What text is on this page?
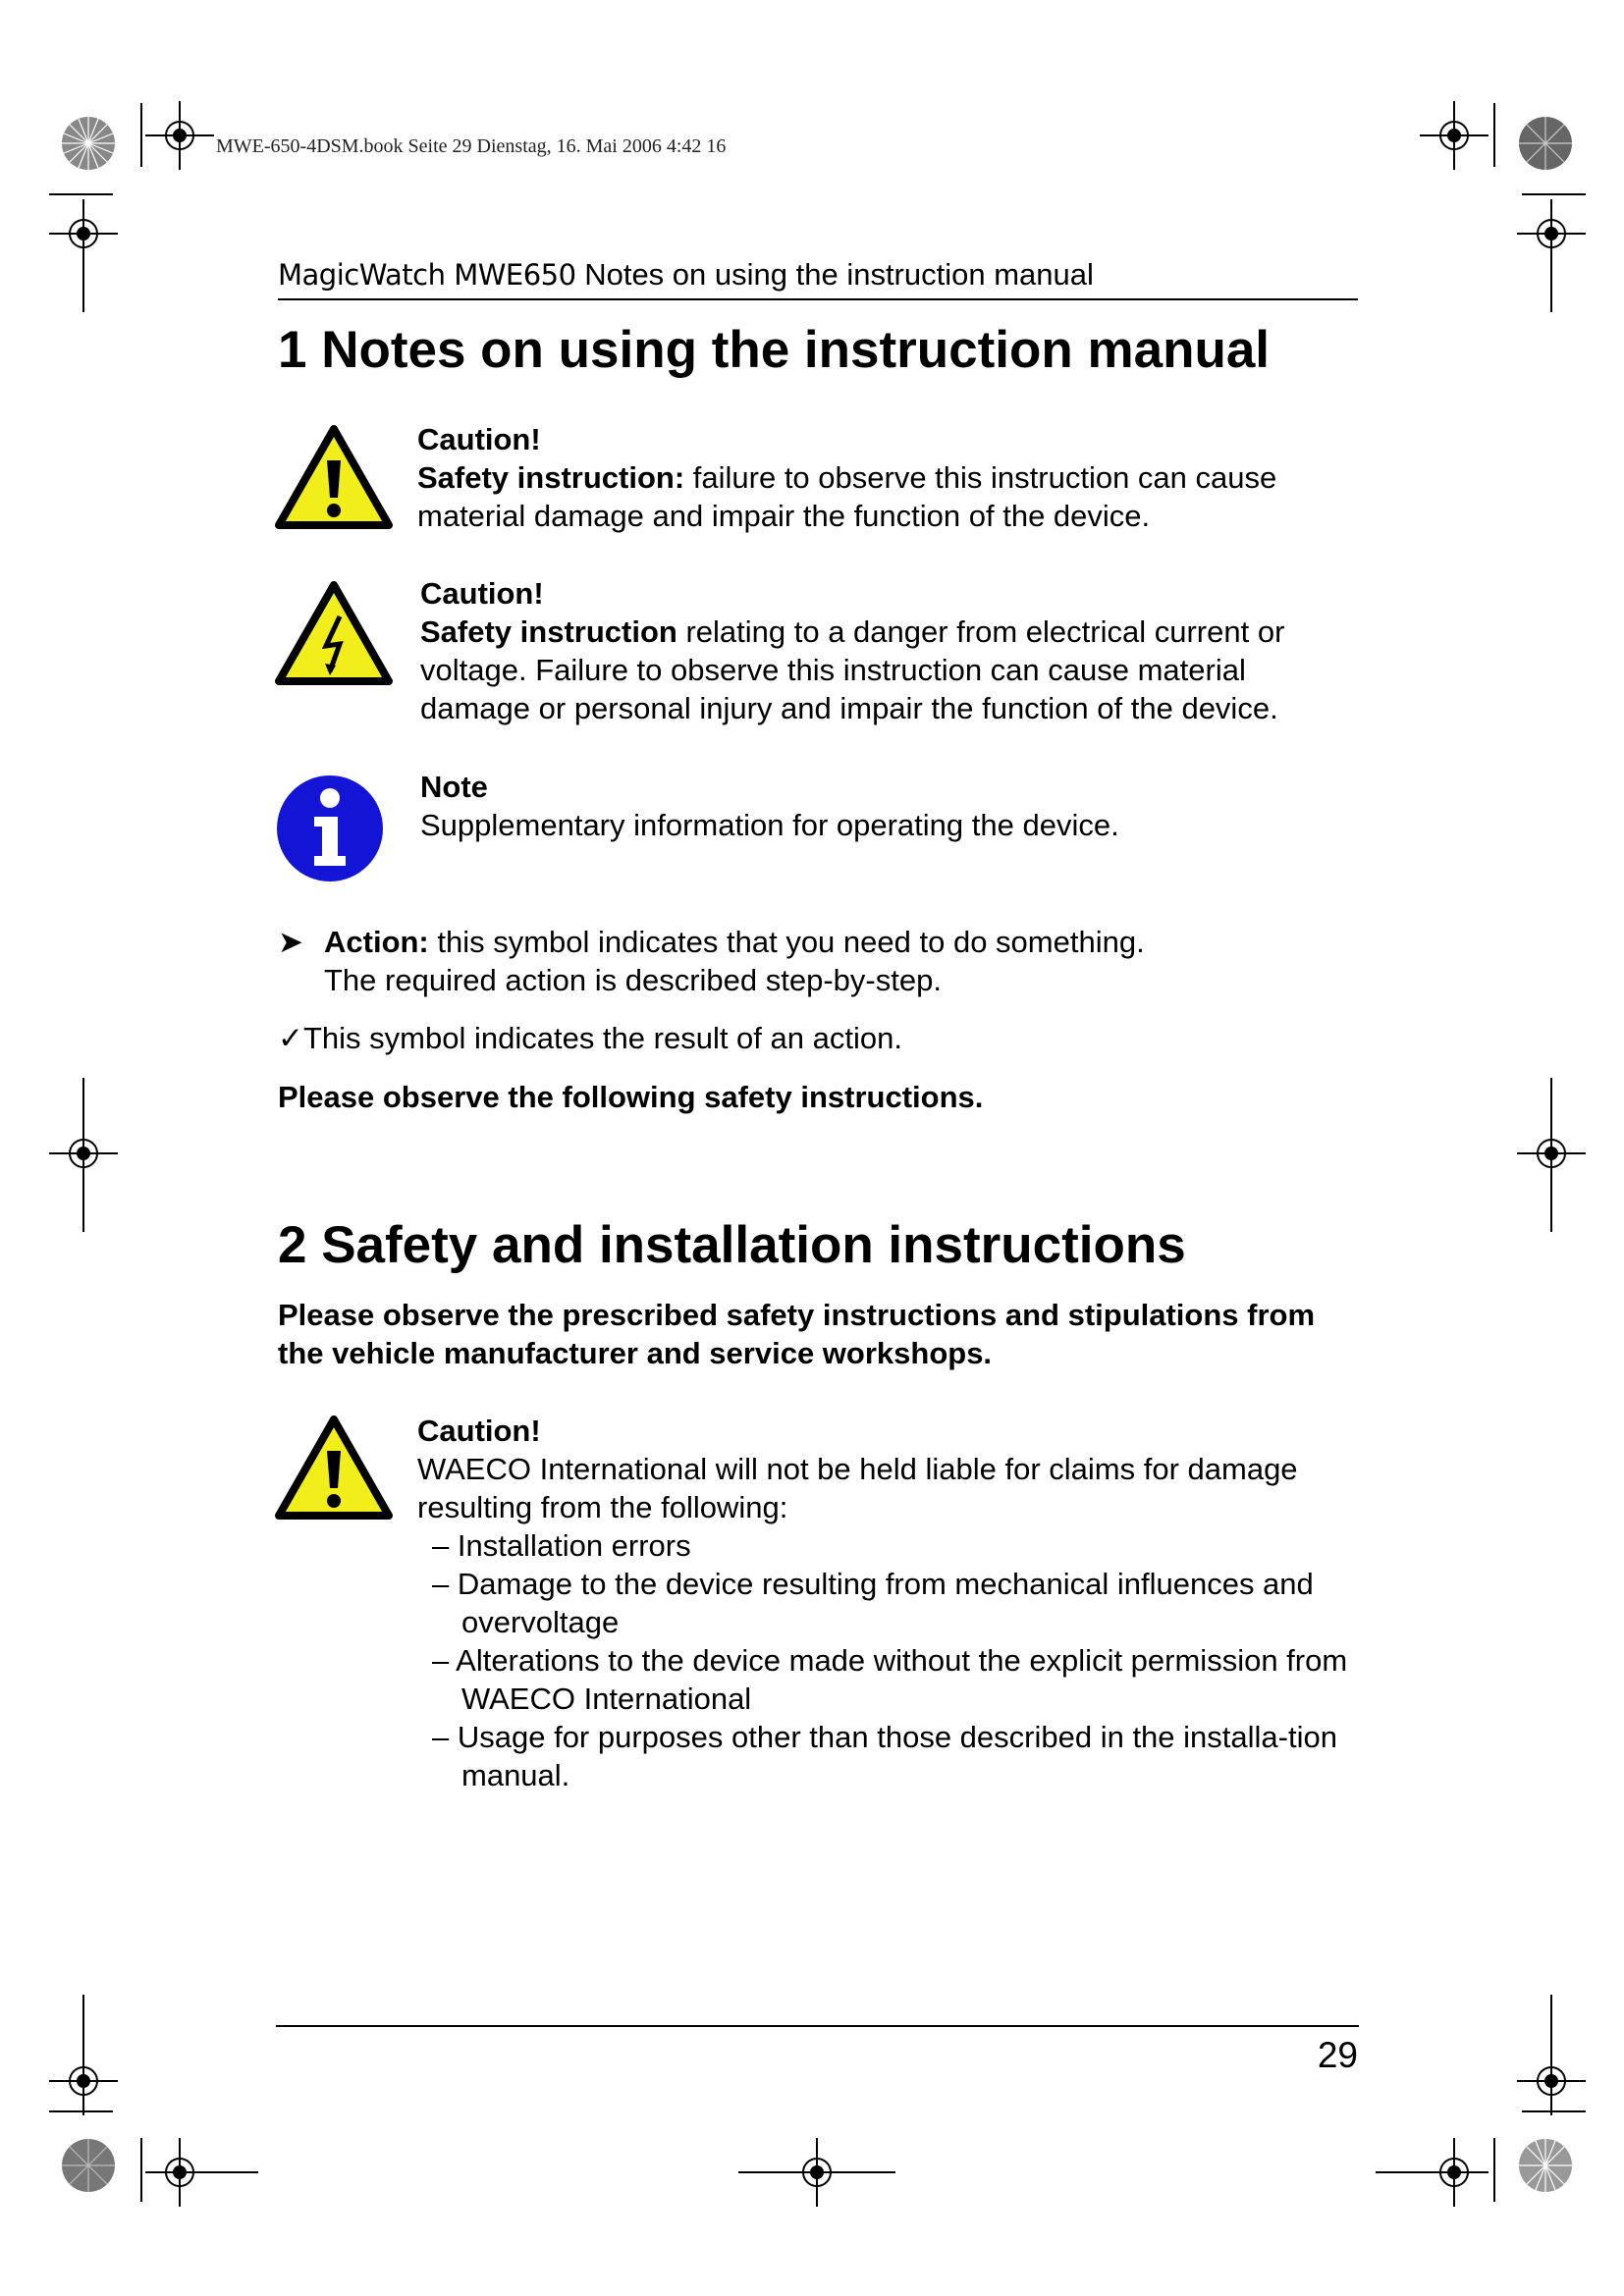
MWE-650-4DSM.book Seite 29 Dienstag, 16. Mai 2006 4:42 16
MagicWatch MWE650 Notes on using the instruction manual
1 Notes on using the instruction manual

Caution!

Safety instruction: failure to observe this instruction can cause material damage and impair the function of the device.

Caution!

Safety instruction relating to a danger from electrical current or voltage. Failure to observe this instruction can cause material damage or personal injury and impair the function of the device.

Note

Supplementary information for operating the device.

➤ Action: this symbol indicates that you need to do something.

The required action is described step-by-step.

✓This symbol indicates the result of an action.

Please observe the following safety instructions.
2 Safety and installation instructions
Please observe the prescribed safety instructions and stipulations from the vehicle manufacturer and service workshops.

Caution!

WAECO International will not be held liable for claims for damage resulting from the following:

– Installation errors
– Damage to the device resulting from mechanical influences and overvoltage
– Alterations to the device made without the explicit permission from WAECO International
– Usage for purposes other than those described in the installa-tion manual.
29
